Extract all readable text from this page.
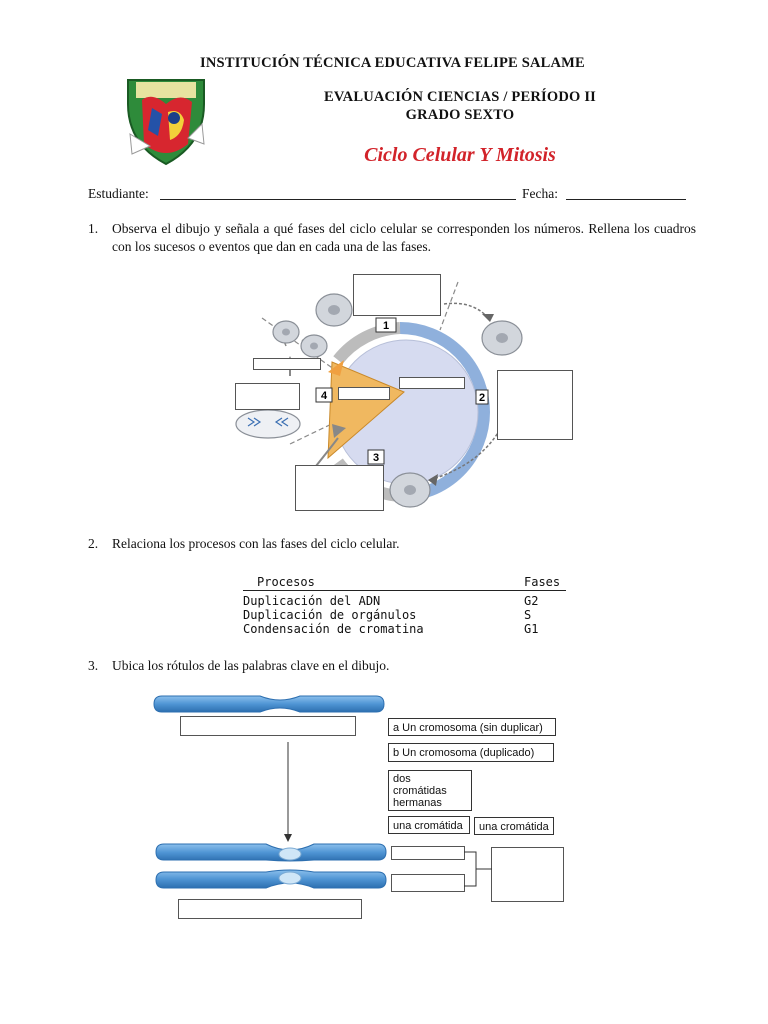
INSTITUCIÓN TÉCNICA EDUCATIVA FELIPE SALAME
EVALUACIÓN CIENCIAS / PERÍODO II
GRADO SEXTO
Ciclo Celular Y Mitosis
Estudiante:	Fecha:
1.	Observa el dibujo y señala a qué fases del ciclo celular se corresponden los números. Rellena los cuadros con los sucesos o eventos que dan en cada una de las fases.
1
2
3
4
2.	Relaciona los procesos con las fases del ciclo celular.
Procesos	Fases
Duplicación del ADN	G2
Duplicación de orgánulos	S
Condensación de cromatina	G1
3.	Ubica los rótulos de las palabras clave en el dibujo.
a Un cromosoma (sin duplicar)
b Un cromosoma (duplicado)
dos cromátidas hermanas
una cromátida	una cromátida
